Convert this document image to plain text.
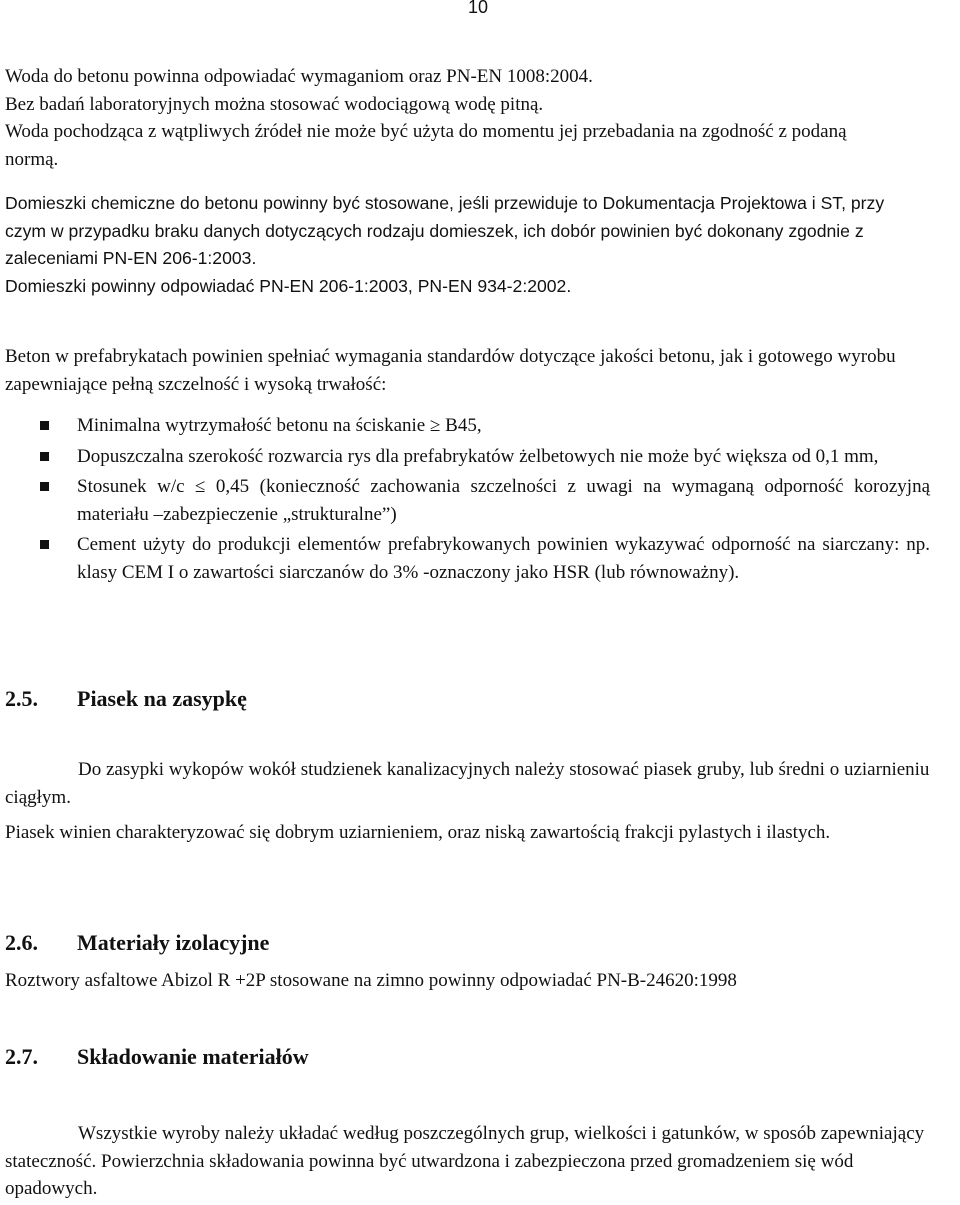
10
Woda do betonu powinna odpowiadać wymaganiom oraz PN-EN 1008:2004.
Bez badań laboratoryjnych można stosować wodociągową wodę pitną.
Woda pochodząca z wątpliwych źródeł nie może być użyta do momentu jej przebadania na zgodność z podaną normą.
Domieszki chemiczne do betonu powinny być stosowane, jeśli przewiduje to Dokumentacja Projektowa i ST, przy czym w przypadku braku danych dotyczących rodzaju domieszek, ich dobór powinien być dokonany zgodnie z zaleceniami PN-EN 206-1:2003.
Domieszki powinny odpowiadać PN-EN 206-1:2003, PN-EN 934-2:2002.

Beton w prefabrykatach powinien spełniać wymagania standardów dotyczące jakości betonu, jak i gotowego wyrobu zapewniające pełną szczelność i wysoką trwałość:

Minimalna wytrzymałość betonu na ściskanie ≥ B45,
Dopuszczalna szerokość rozwarcia rys dla prefabrykatów żelbetowych nie może być większa od 0,1 mm,
Stosunek w/c ≤ 0,45 (konieczność zachowania szczelności z uwagi na wymaganą odporność korozyjną materiału –zabezpieczenie „strukturalne”)
Cement użyty do produkcji elementów prefabrykowanych powinien wykazywać odporność na siarczany: np. klasy CEM I o zawartości siarczanów do 3% -oznaczony jako HSR (lub równoważny).
2.5. Piasek na zasypkę

Do zasypki wykopów wokół studzienek kanalizacyjnych należy stosować piasek gruby, lub średni o uziarnieniu ciągłym.

Piasek winien charakteryzować się dobrym uziarnieniem, oraz niską zawartością frakcji pylastych i ilastych.

2.6. Materiały izolacyjne

Roztwory asfaltowe Abizol R +2P stosowane na zimno powinny odpowiadać PN-B-24620:1998

2.7. Składowanie materiałów

Wszystkie wyroby należy układać według poszczególnych grup, wielkości i gatunków, w sposób zapewniający stateczność. Powierzchnia składowania powinna być utwardzona i zabezpieczona przed gromadzeniem się wód opadowych.
